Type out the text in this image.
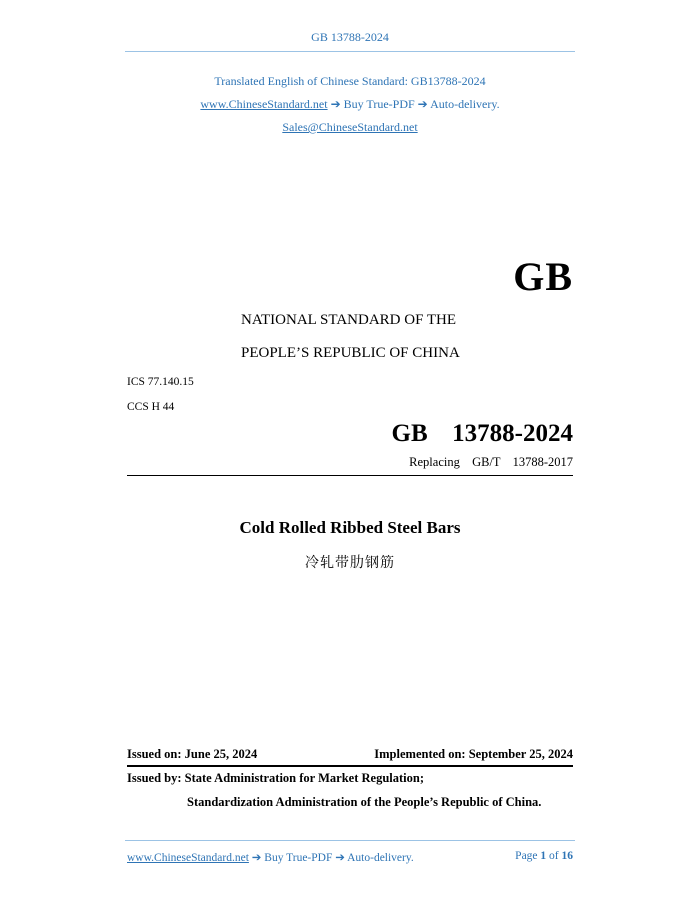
GB 13788-2024
Translated English of Chinese Standard: GB13788-2024
www.ChineseStandard.net ➔ Buy True-PDF ➔ Auto-delivery.
Sales@ChineseStandard.net
GB
NATIONAL STANDARD OF THE
PEOPLE’S REPUBLIC OF CHINA
ICS 77.140.15
CCS H 44
GB  13788-2024
Replacing  GB/T  13788-2017
Cold Rolled Ribbed Steel Bars
冷轧带肋钢筋
Issued on: June 25, 2024	Implemented on: September 25, 2024
Issued by: State Administration for Market Regulation;
Standardization Administration of the People’s Republic of China.
www.ChineseStandard.net ➔ Buy True-PDF ➔ Auto-delivery.	Page 1 of 16
